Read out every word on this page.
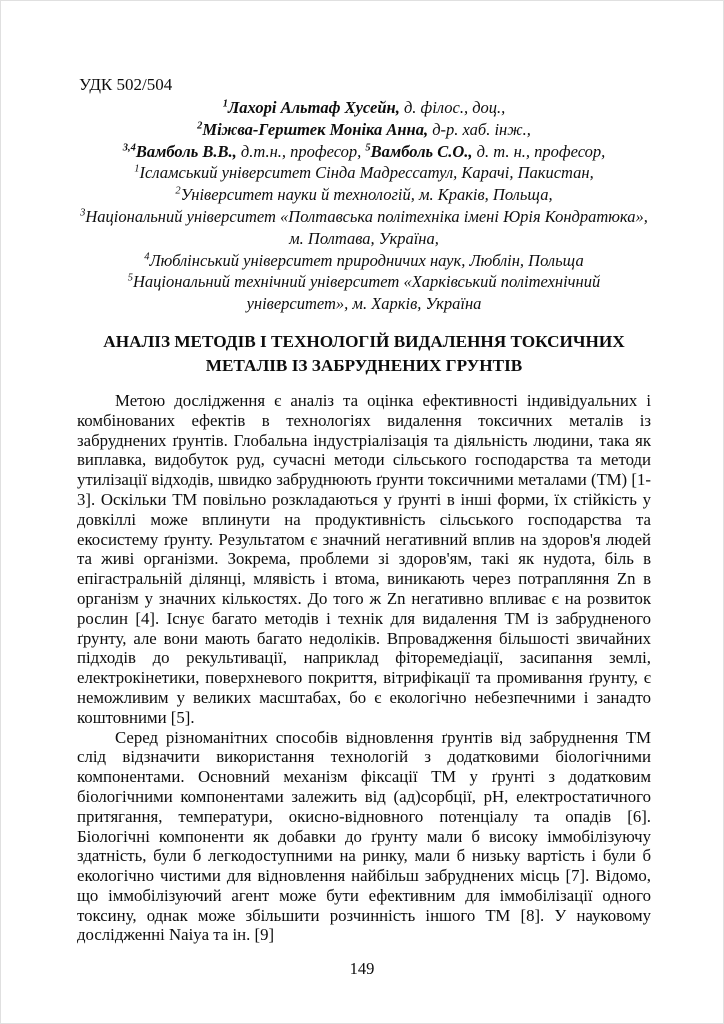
УДК 502/504
$^1$Лахорі Альтаф Хусейн, д. філос., доц.,
$^2$Міжва-Герштек Моніка Анна, д-р. хаб. інж.,
$^{3,4}$Вамболь В.В., д.т.н., професор, $^5$Вамболь С.О., д. т. н., професор,
$^1$Ісламський університет Сінда Мадрессатул, Карачі, Пакистан,
$^2$Університет науки й технологій, м. Краків, Польща,
$^3$Національний університет «Полтавська політехніка імені Юрія Кондратюка»,
м. Полтава, Україна,
$^4$Люблінський університет природничих наук, Люблін, Польща
$^5$Національний технічний університет «Харківський політехнічний
університет», м. Харків, Україна
АНАЛІЗ МЕТОДІВ І ТЕХНОЛОГІЙ ВИДАЛЕННЯ ТОКСИЧНИХ
МЕТАЛІВ ІЗ ЗАБРУДНЕНИХ ГРУНТІВ

Метою дослідження є аналіз та оцінка ефективності індивідуальних і комбінованих ефектів в технологіях видалення токсичних металів із забруднених ґрунтів. Глобальна індустріалізація та діяльність людини, така як виплавка, видобуток руд, сучасні методи сільського господарства та методи утилізації відходів, швидко забруднюють ґрунти токсичними металами (ТМ) [1-3]. Оскільки ТМ повільно розкладаються у ґрунті в інші форми, їх стійкість у довкіллі може вплинути на продуктивність сільського господарства та екосистему ґрунту. Результатом є значний негативний вплив на здоров'я людей та живі організми. Зокрема, проблеми зі здоров'ям, такі як нудота, біль в епігастральній ділянці, млявість і втома, виникають через потрапляння Zn в організм у значних кількостях. До того ж Zn негативно впливає є на розвиток рослин [4]. Існує багато методів і технік для видалення ТМ із забрудненого ґрунту, але вони мають багато недоліків. Впровадження більшості звичайних підходів до рекультивації, наприклад фіторемедіації, засипання землі, електрокінетики, поверхневого покриття, вітрифікації та промивання ґрунту, є неможливим у великих масштабах, бо є екологічно небезпечними і занадто коштовними [5].

Серед різноманітних способів відновлення ґрунтів від забруднення ТМ слід відзначити використання технологій з додатковими біологічними компонентами. Основний механізм фіксації ТМ у ґрунті з додатковим біологічними компонентами залежить від (ад)сорбції, pH, електростатичного притягання, температури, окисно-відновного потенціалу та опадів [6]. Біологічні компоненти як добавки до ґрунту мали б високу іммобілізуючу здатність, були б легкодоступними на ринку, мали б низьку вартість і були б екологічно чистими для відновлення найбільш забруднених місць [7]. Відомо, що іммобілізуючий агент може бути ефективним для іммобілізації одного токсину, однак може збільшити розчинність іншого ТМ [8]. У науковому дослідженні Naiya та ін. [9]

149
